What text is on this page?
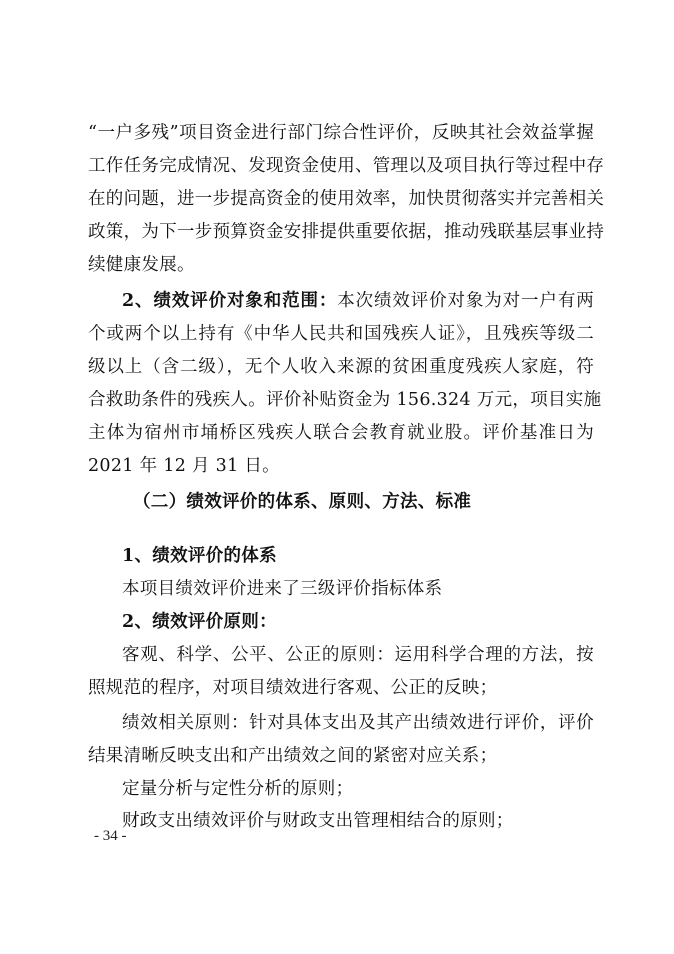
“一户多残”项目资金进行部门综合性评价，反映其社会效益掌握
工作任务完成情况、发现资金使用、管理以及项目执行等过程中存
在的问题，进一步提高资金的使用效率，加快贯彻落实并完善相关
政策，为下一步预算资金安排提供重要依据，推动残联基层事业持
续健康发展。
2、绩效评价对象和范围：本次绩效评价对象为对一户有两
个或两个以上持有《中华人民共和国残疾人证》，且残疾等级二
级以上（含二级），无个人收入来源的贫困重度残疾人家庭，符
合救助条件的残疾人。评价补贴资金为 156.324 万元，项目实施
主体为宿州市埇桥区残疾人联合会教育就业股。评价基准日为
2021 年 12 月 31 日。
（二）绩效评价的体系、原则、方法、标准
1、绩效评价的体系
本项目绩效评价进来了三级评价指标体系
2、绩效评价原则：
客观、科学、公平、公正的原则：运用科学合理的方法，按
照规范的程序，对项目绩效进行客观、公正的反映；
绩效相关原则：针对具体支出及其产出绩效进行评价，评价
结果清晰反映支出和产出绩效之间的紧密对应关系；
定量分析与定性分析的原则；
财政支出绩效评价与财政支出管理相结合的原则；
- 34 -
